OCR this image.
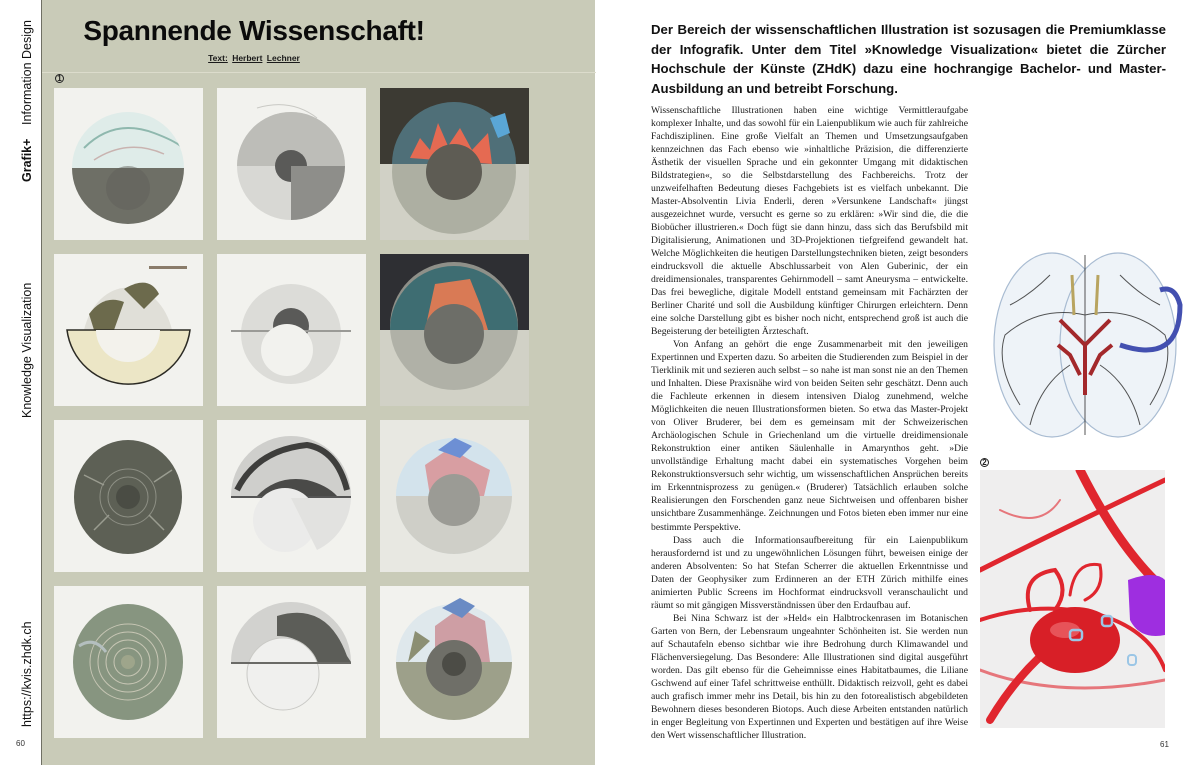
Information Design
Grafik+
Knowledge Visualization
https://kvis.zhdk.ch
60
Spannende Wissenschaft!
Text: Herbert Lechner
1

Der Bereich der wissenschaftlichen Illustration ist sozusagen die Premiumklasse der Infografik. Unter dem Titel »Knowledge Visualization« bietet die Zürcher Hochschule der Künste (ZHdK) dazu eine hochrangige Bachelor- und Master-Ausbildung an und betreibt Forschung.

Wissenschaftliche Illustrationen haben eine wichtige Vermittleraufgabe komplexer Inhalte, und das sowohl für ein Laienpublikum wie auch für zahlreiche Fachdisziplinen. Eine große Vielfalt an Themen und Umsetzungsaufgaben kennzeichnen das Fach ebenso wie »inhaltliche Präzision, die differenzierte Ästhetik der visuellen Sprache und ein gekonnter Umgang mit didaktischen Bildstrategien«, so die Selbstdarstellung des Fachbereichs. Trotz der unzweifelhaften Bedeutung dieses Fachgebiets ist es vielfach unbekannt. Die Master-Absolventin Livia Enderli, deren »Versunkene Landschaft« jüngst ausgezeichnet wurde, versucht es gerne so zu erklären: »Wir sind die, die die Biobücher illustrieren.« Doch fügt sie dann hinzu, dass sich das Berufsbild mit Digitalisierung, Animationen und 3D-Projektionen tiefgreifend gewandelt hat. Welche Möglichkeiten die heutigen Darstellungstechniken bieten, zeigt besonders eindrucksvoll die aktuelle Abschlussarbeit von Alen Guberinic, der ein dreidimensionales, transparentes Gehirnmodell – samt Aneurysma – entwickelte. Das frei bewegliche, digitale Modell entstand gemeinsam mit Fachärzten der Berliner Charité und soll die Ausbildung künftiger Chirurgen erleichtern. Denn eine solche Darstellung gibt es bisher noch nicht, entsprechend groß ist auch die Begeisterung der beteiligten Ärzteschaft.

Von Anfang an gehört die enge Zusammenarbeit mit den jeweiligen Expertinnen und Experten dazu. So arbeiten die Studierenden zum Beispiel in der Tierklinik mit und sezieren auch selbst – so nahe ist man sonst nie an den Themen und Inhalten. Diese Praxisnähe wird von beiden Seiten sehr geschätzt. Denn auch die Fachleute erkennen in diesem intensiven Dialog zunehmend, welche Möglichkeiten die neuen Illustrationsformen bieten. So etwa das Master-Projekt von Oliver Bruderer, bei dem es gemeinsam mit der Schweizerischen Archäologischen Schule in Griechenland um die virtuelle dreidimensionale Rekonstruktion einer antiken Säulenhalle in Amarynthos geht. »Die unvollständige Erhaltung macht dabei ein systematisches Vorgehen beim Rekonstruktionsversuch sehr wichtig, um wissenschaftlichen Ansprüchen bereits im Erkenntnisprozess zu genügen.« (Bruderer) Tatsächlich erlauben solche Realisierungen den Forschenden ganz neue Sichtweisen und offenbaren bisher unsichtbare Zusammenhänge. Zeichnungen und Fotos bieten eben immer nur eine bestimmte Perspektive.

Dass auch die Informationsaufbereitung für ein Laienpublikum herausfordernd ist und zu ungewöhnlichen Lösungen führt, beweisen einige der anderen Absolventen: So hat Stefan Scherrer die aktuellen Erkenntnisse und Daten der Geophysiker zum Erdinneren an der ETH Zürich mithilfe eines animierten Public Screens im Hochformat eindrucksvoll veranschaulicht und räumt so mit gängigen Missverständnissen über den Erdaufbau auf.

Bei Nina Schwarz ist der »Held« ein Halbtrockenrasen im Botanischen Garten von Bern, der Lebensraum ungeahnter Schönheiten ist. Sie werden nun auf Schautafeln ebenso sichtbar wie ihre Bedrohung durch Klimawandel und Flächenversiegelung. Das Besondere: Alle Illustrationen sind digital ausgeführt worden. Das gilt ebenso für die Geheimnisse eines Habitatbaumes, die Liliane Gschwend auf einer Tafel schrittweise enthüllt. Didaktisch reizvoll, geht es dabei auch grafisch immer mehr ins Detail, bis hin zu den fotorealistisch abgebildeten Bewohnern dieses besonderen Biotops. Auch diese Arbeiten entstanden natürlich in enger Begleitung von Expertinnen und Experten und bestätigen auf ihre Weise den Wert wissenschaftlicher Illustration.

2
61
